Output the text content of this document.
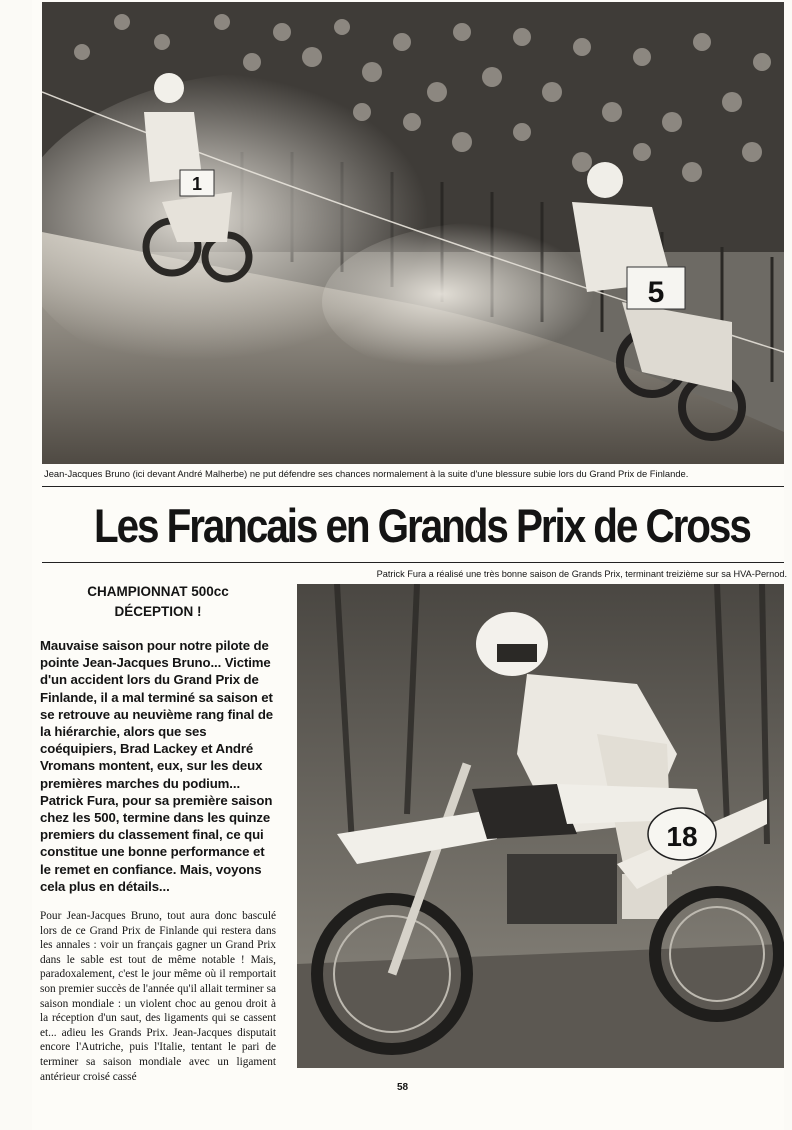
1
5
Jean-Jacques Bruno (ici devant André Malherbe) ne put défendre ses chances normalement à la suite d'une blessure subie lors du Grand Prix de Finlande.
Les Francais en Grands Prix de Cross
Patrick Fura a réalisé une très bonne saison de Grands Prix, terminant treizième sur sa HVA-Pernod.
18
CHAMPIONNAT 500cc
DÉCEPTION !
Mauvaise saison pour notre pilote de pointe Jean-Jacques Bruno... Victime d'un accident lors du Grand Prix de Finlande, il a mal terminé sa saison et se retrouve au neuvième rang final de la hiérarchie, alors que ses coéquipiers, Brad Lackey et André Vromans montent, eux, sur les deux premières marches du podium... Patrick Fura, pour sa première saison chez les 500, termine dans les quinze premiers du classement final, ce qui constitue une bonne performance et le remet en confiance. Mais, voyons cela plus en détails...
Pour Jean-Jacques Bruno, tout aura donc basculé lors de ce Grand Prix de Finlande qui restera dans les annales : voir un français gagner un Grand Prix dans le sable est tout de même notable ! Mais, paradoxalement, c'est le jour même où il remportait son premier succès de l'année qu'il allait terminer sa saison mondiale : un violent choc au genou droit à la réception d'un saut, des ligaments qui se cassent et... adieu les Grands Prix. Jean-Jacques disputait encore l'Autriche, puis l'Italie, tentant le pari de terminer sa saison mondiale avec un ligament antérieur croisé cassé
58
